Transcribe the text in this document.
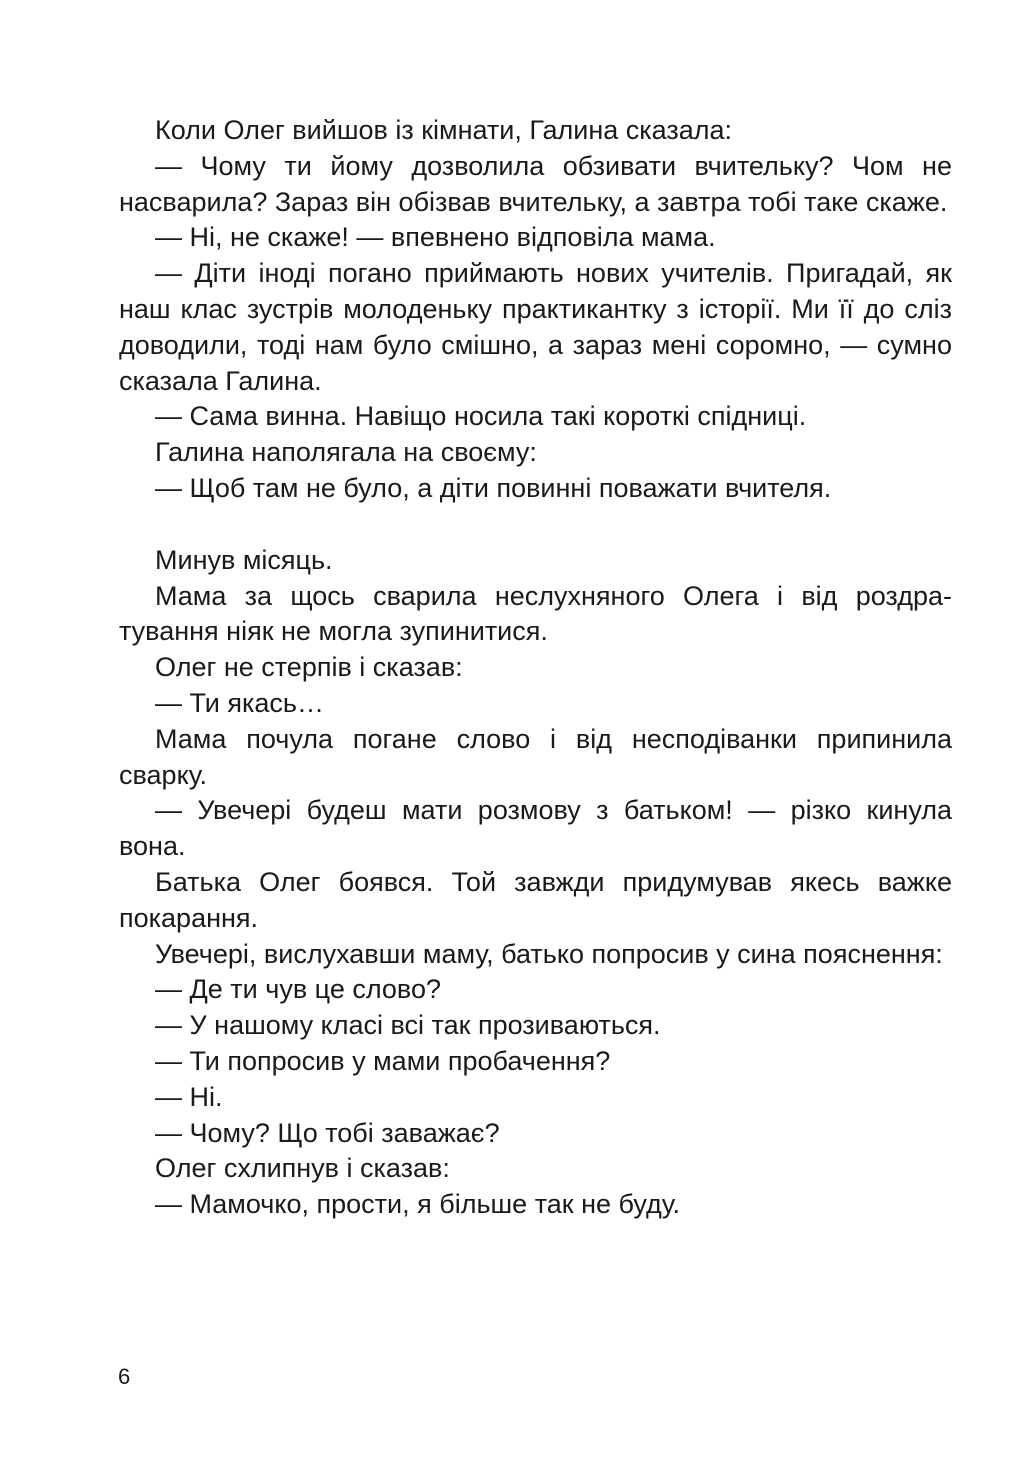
Коли Олег вийшов із кімнати, Галина сказала:

— Чому ти йому дозволила обзивати вчительку? Чом не насварила? Зараз він обізвав вчительку, а завтра тобі таке скаже.

— Ні, не скаже! — впевнено відповіла мама.

— Діти іноді погано приймають нових учителів. Пригадай, як наш клас зустрів молоденьку практикантку з історії. Ми її до сліз доводили, тоді нам було смішно, а зараз мені соромно, — сумно сказала Галина.

— Сама винна. Навіщо носила такі короткі спідниці.

Галина наполягала на своєму:

— Щоб там не було, а діти повинні поважати вчителя.

Минув місяць.

Мама за щось сварила неслухняного Олега і від роздратування ніяк не могла зупинитися.

Олег не стерпів і сказав:

— Ти якась…

Мама почула погане слово і від несподіванки припинила сварку.

— Увечері будеш мати розмову з батьком! — різко кинула вона.

Батька Олег боявся. Той завжди придумував якесь важке покарання.

Увечері, вислухавши маму, батько попросив у сина пояснення:

— Де ти чув це слово?

— У нашому класі всі так прозиваються.

— Ти попросив у мами пробачення?

— Ні.

— Чому? Що тобі заважає?

Олег схлипнув і сказав:

— Мамочко, прости, я більше так не буду.

6
